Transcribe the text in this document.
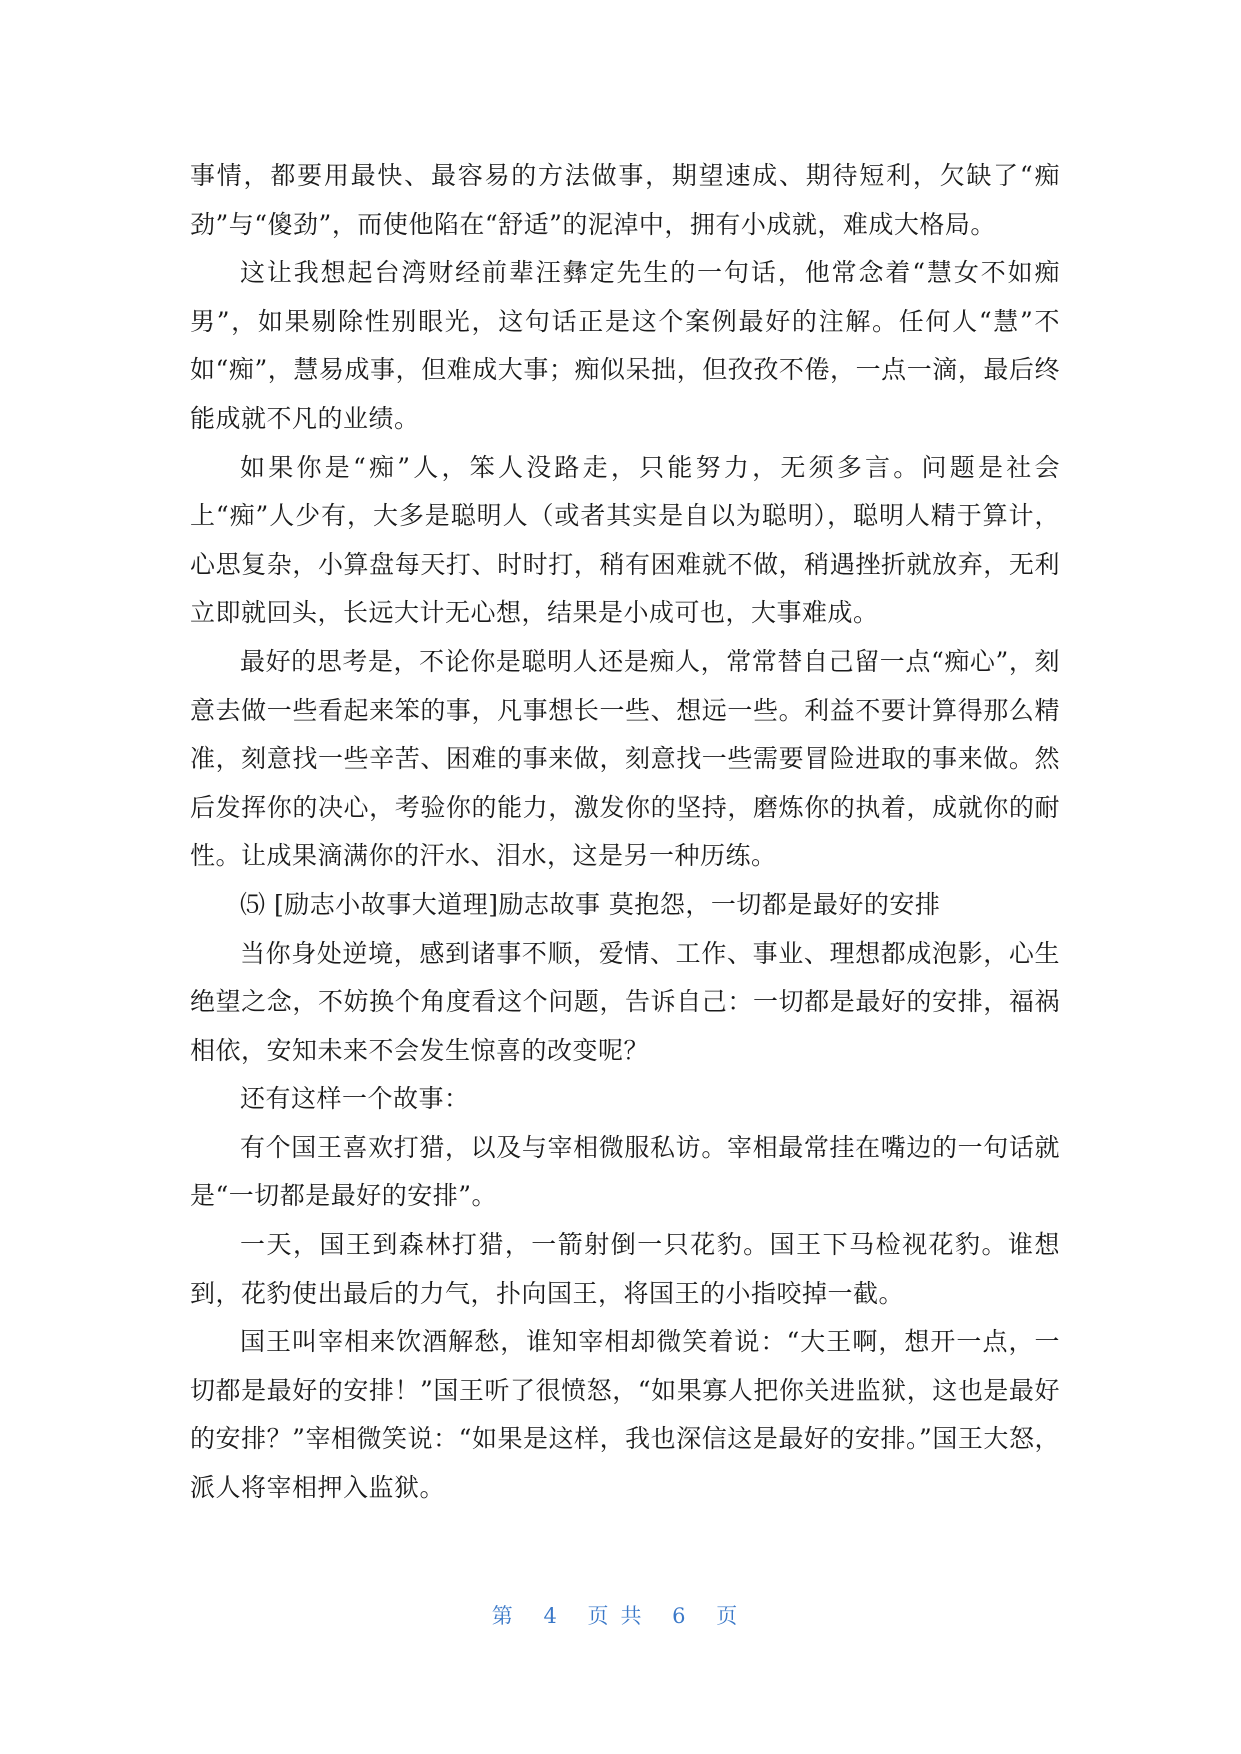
事情，都要用最快、最容易的方法做事，期望速成、期待短利，欠缺了“痴劲”与“傻劲”，而使他陷在“舒适”的泥淖中，拥有小成就，难成大格局。

这让我想起台湾财经前辈汪彝定先生的一句话，他常念着“慧女不如痴男”，如果剔除性别眼光，这句话正是这个案例最好的注解。任何人“慧”不如“痴”，慧易成事，但难成大事；痴似呆拙，但孜孜不倦，一点一滴，最后终能成就不凡的业绩。

如果你是“痴”人，笨人没路走，只能努力，无须多言。问题是社会上“痴”人少有，大多是聪明人（或者其实是自以为聪明），聪明人精于算计，心思复杂，小算盘每天打、时时打，稍有困难就不做，稍遇挫折就放弃，无利立即就回头，长远大计无心想，结果是小成可也，大事难成。

最好的思考是，不论你是聪明人还是痴人，常常替自己留一点“痴心”，刻意去做一些看起来笨的事，凡事想长一些、想远一些。利益不要计算得那么精准，刻意找一些辛苦、困难的事来做，刻意找一些需要冒险进取的事来做。然后发挥你的决心，考验你的能力，激发你的坚持，磨炼你的执着，成就你的耐性。让成果滴满你的汗水、泪水，这是另一种历练。

⑸ [励志小故事大道理]励志故事 莫抱怨，一切都是最好的安排

当你身处逆境，感到诸事不顺，爱情、工作、事业、理想都成泡影，心生绝望之念，不妨换个角度看这个问题，告诉自己：一切都是最好的安排，福祸相依，安知未来不会发生惊喜的改变呢？

还有这样一个故事：

有个国王喜欢打猎，以及与宰相微服私访。宰相最常挂在嘴边的一句话就是“一切都是最好的安排”。

一天，国王到森林打猎，一箭射倒一只花豹。国王下马检视花豹。谁想到，花豹使出最后的力气，扑向国王，将国王的小指咬掉一截。

国王叫宰相来饮酒解愁，谁知宰相却微笑着说：“大王啊，想开一点，一切都是最好的安排！”国王听了很愤怒，“如果寡人把你关进监狱，这也是最好的安排？”宰相微笑说：“如果是这样，我也深信这是最好的安排。”国王大怒，派人将宰相押入监狱。

第 4 页共 6 页
